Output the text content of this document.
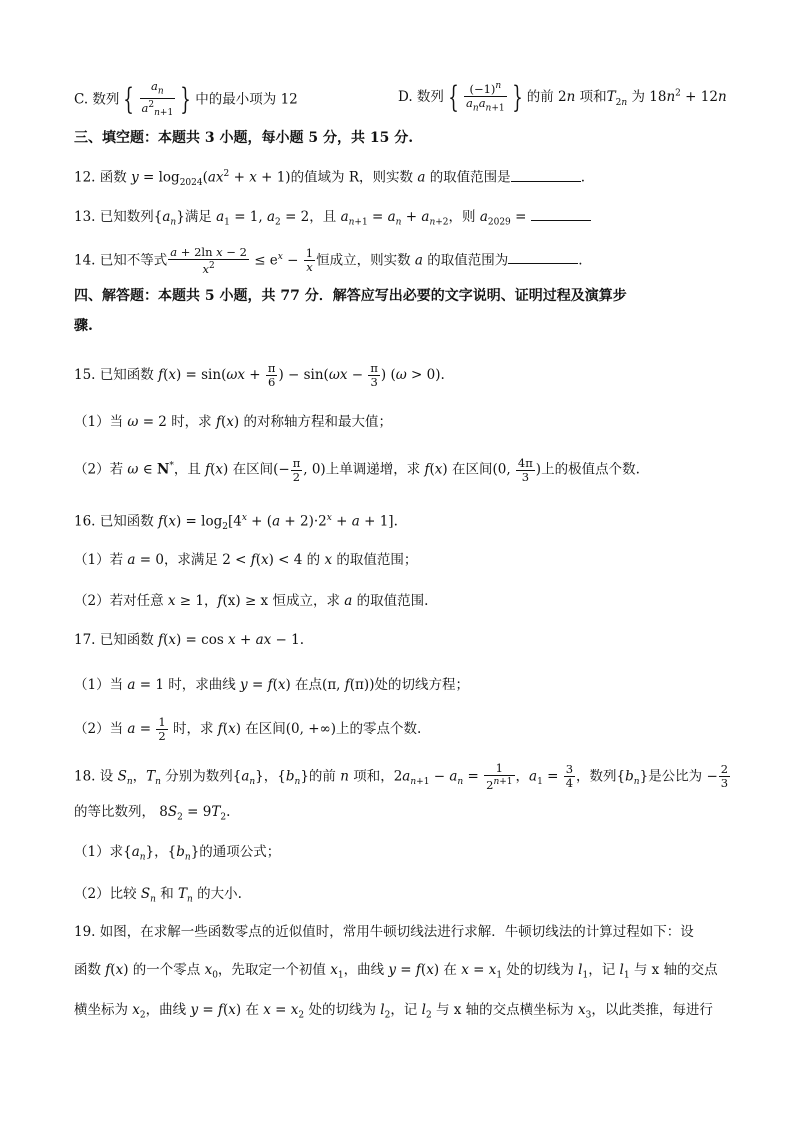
C. 数列 { $\frac{a_n}{a^2_{n+1}}$ } 中的最小项为 12	D. 数列 { $\frac{(-1)^n}{a_na_{n+1}}$ } 的前 2n 项和$T_{2n}$ 为 $18n^2 + 12n$
三、填空题：本题共 3 小题，每小题 5 分，共 15 分.
12. 函数 $y = \log_{2024}(ax^2 + x + 1)$的值域为 R，则实数 a 的取值范围是	.
13. 已知数列$\{a_n\}$满足 $a_1 = 1$, $a_2 = 2$，且 $a_{n+1} = a_n + a_{n+2}$，则 $a_{2029}$ =
14. 已知不等式 $\frac{\text{a + 2ln x − 2}}{x^2} \le e^x - \frac{1}{x}$ 恒成立，则实数 a 的取值范围为	.
四、解答题：本题共 5 小题，共 77 分．解答应写出必要的文字说明、证明过程及演算步
骤.
15. 已知函数 $f(x) = \sin(\omega x + \frac{\pi}{6}$ ) − $\sin(\omega x - \frac{\pi}{3}$ ) (ω > 0).
（1）当 ω = 2 时，求 f(x) 的对称轴方程和最大值；
（2）若 ω ∈ N*，且 f(x) 在区间(− $\frac{\pi}{2}$ , 0)上单调递增，求 f(x) 在区间(0, $\frac{4\pi}{3}$ )上的极值点个数.
16. 已知函数 $f(x) = \log_2[4^x + (a + 2)\cdot 2^x + a + 1]$.
（1）若 a = 0，求满足 2 < f(x) < 4 的 x 的取值范围；
（2）若对任意 x ≥ 1，f(x) ≥ x 恒成立，求 a 的取值范围.
17. 已知函数 f(x) = cos x + ax − 1.
（1）当 a = 1 时，求曲线 y = f(x) 在点(π, f(π))处的切线方程；
（2）当 $a = \frac{1}{2}$ 时，求 f(x) 在区间(0, +∞)上的零点个数.
18. 设 $S_n$，$T_n$ 分别为数列$\{a_n\}$，$\{b_n\}$的前 n 项和，$2a_{n+1} - a_n = \frac{1}{2^{n+1}}$ ，$a_1 = \frac{3}{4}$ ，数列$\{b_n\}$是公比为 − $\frac{2}{3}$
的等比数列， $8S_2 = 9T_2$.
（1）求$\{a_n\}$，$\{b_n\}$的通项公式；
（2）比较 $S_n$ 和 $T_n$ 的大小.
19. 如图，在求解一些函数零点的近似值时，常用牛顿切线法进行求解．牛顿切线法的计算过程如下：设
函数 f(x) 的一个零点 $x_0$，先取定一个初值 $x_1$，曲线 y = f(x) 在 $x = x_1$ 处的切线为 $l_1$，记 $l_1$ 与 x 轴的交点
横坐标为 $x_2$，曲线 y = f(x) 在 $x = x_2$ 处的切线为 $l_2$，记 $l_2$ 与 x 轴的交点横坐标为 $x_3$，以此类推，每进行
